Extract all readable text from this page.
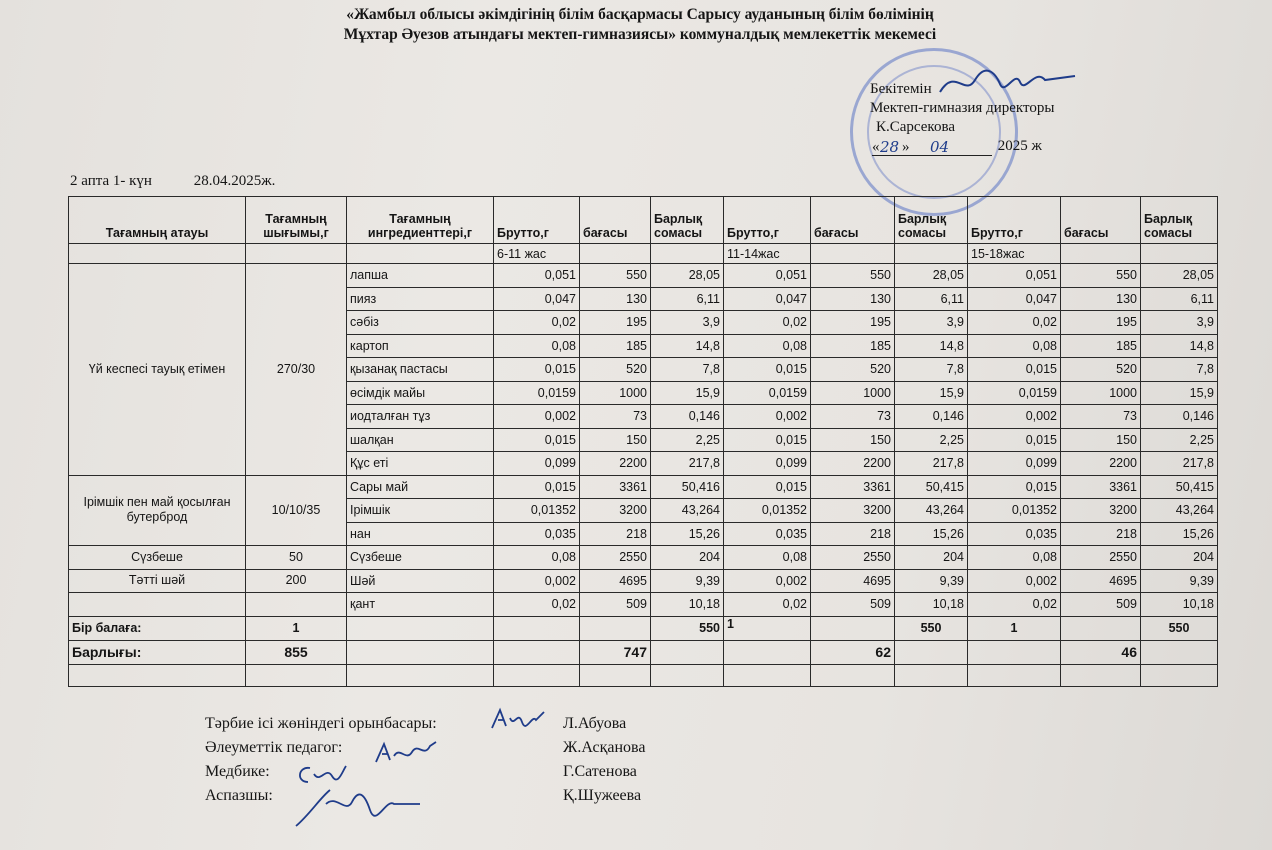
«Жамбыл облысы әкімдігінің білім басқармасы Сарысу ауданының білім бөлімінің
Мұхтар Әуезов атындағы мектеп-гимназиясы» коммуналдық мемлекеттік мекемесі
Бекітемін
Мектеп-гимназия директоры
К.Сарсекова
« 28 » 04	2025 ж
2 апта 1- күн	28.04.2025ж.
Тағамның атауы	Тағамның шығымы,г	Тағамның ингредиенттері,г	Брутто,г	бағасы	Барлық сомасы	Брутто,г	бағасы	Барлық сомасы	Брутто,г	бағасы	Барлық сомасы
			6-11 жас			11-14жас			15-18жас		
Үй кеспесі тауық етімен	270/30	лапша	0,051	550	28,05	0,051	550	28,05	0,051	550	28,05
		пияз	0,047	130	6,11	0,047	130	6,11	0,047	130	6,11
		сәбіз	0,02	195	3,9	0,02	195	3,9	0,02	195	3,9
		картоп	0,08	185	14,8	0,08	185	14,8	0,08	185	14,8
		қызанақ пастасы	0,015	520	7,8	0,015	520	7,8	0,015	520	7,8
		өсімдік майы	0,0159	1000	15,9	0,0159	1000	15,9	0,0159	1000	15,9
		иодталған тұз	0,002	73	0,146	0,002	73	0,146	0,002	73	0,146
		шалқан	0,015	150	2,25	0,015	150	2,25	0,015	150	2,25
		Құс еті	0,099	2200	217,8	0,099	2200	217,8	0,099	2200	217,8
Ірімшік пен май қосылған бутерброд	10/10/35	Сары май	0,015	3361	50,416	0,015	3361	50,415	0,015	3361	50,415
		Ірімшік	0,01352	3200	43,264	0,01352	3200	43,264	0,01352	3200	43,264
		нан	0,035	218	15,26	0,035	218	15,26	0,035	218	15,26
Сүзбеше	50	Сүзбеше	0,08	2550	204	0,08	2550	204	0,08	2550	204
Тәтті шәй	200	Шәй	0,002	4695	9,39	0,002	4695	9,39	0,002	4695	9,39
		қант	0,02	509	10,18	0,02	509	10,18	0,02	509	10,18
Бір балаға:	1				550	1		550	1		550
Барлығы:	855			747			62			46	

Тәрбие ісі жөніндегі орынбасары:	Л.Абуова
Әлеуметтік педагог:	Ж.Асқанова
Медбике:	Г.Сатенова
Аспазшы:	Қ.Шужеева
